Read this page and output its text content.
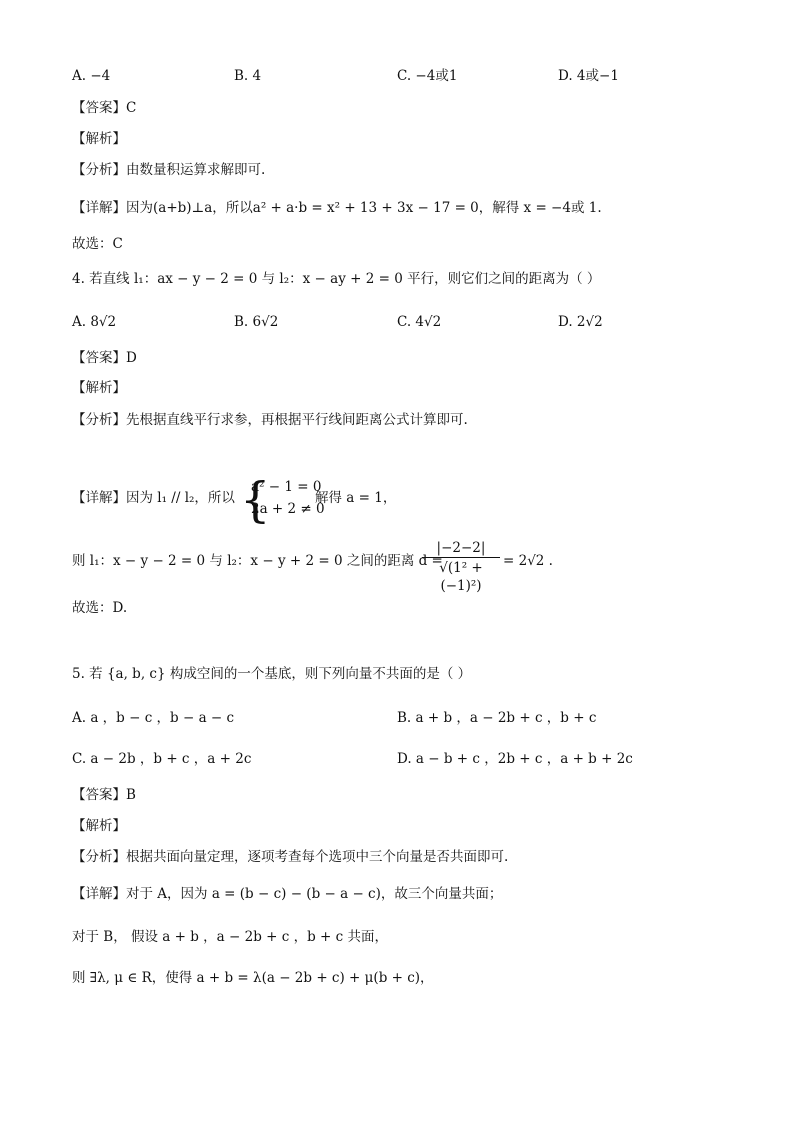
A. −4	B. 4	C. −4或1	D. 4或−1
【答案】C
【解析】
【分析】由数量积运算求解即可.
【详解】因为(a+b)⊥a，所以a² + a·b = x² + 13 + 3x − 17 = 0，解得 x = −4或 1.
故选：C
4. 若直线 l₁：ax − y − 2 = 0 与 l₂：x − ay + 2 = 0 平行，则它们之间的距离为（ ）
A. 8√2	B. 6√2	C. 4√2	D. 2√2
【答案】D
【解析】
【分析】先根据直线平行求参，再根据平行线间距离公式计算即可.
【详解】因为 l₁ // l₂，所以 {
a² − 1 = 0
2a + 2 ≠ 0
解得 a = 1，
则 l₁：x − y − 2 = 0 与 l₂：x − y + 2 = 0 之间的距离 d =
|−2−2|
√(1² + (−1)²)
= 2√2 .
故选：D.
5. 若 {a, b, c} 构成空间的一个基底，则下列向量不共面的是（ ）
A. a ，b − c ，b − a − c	B. a + b ，a − 2b + c ，b + c
C. a − 2b ，b + c ，a + 2c	D. a − b + c ，2b + c ，a + b + 2c
【答案】B
【解析】
【分析】根据共面向量定理，逐项考查每个选项中三个向量是否共面即可.
【详解】对于 A，因为 a = (b − c) − (b − a − c)，故三个向量共面；
对于 B， 假设 a + b ，a − 2b + c ，b + c 共面，
则 ∃λ, μ ∈ R，使得 a + b = λ(a − 2b + c) + μ(b + c)，
